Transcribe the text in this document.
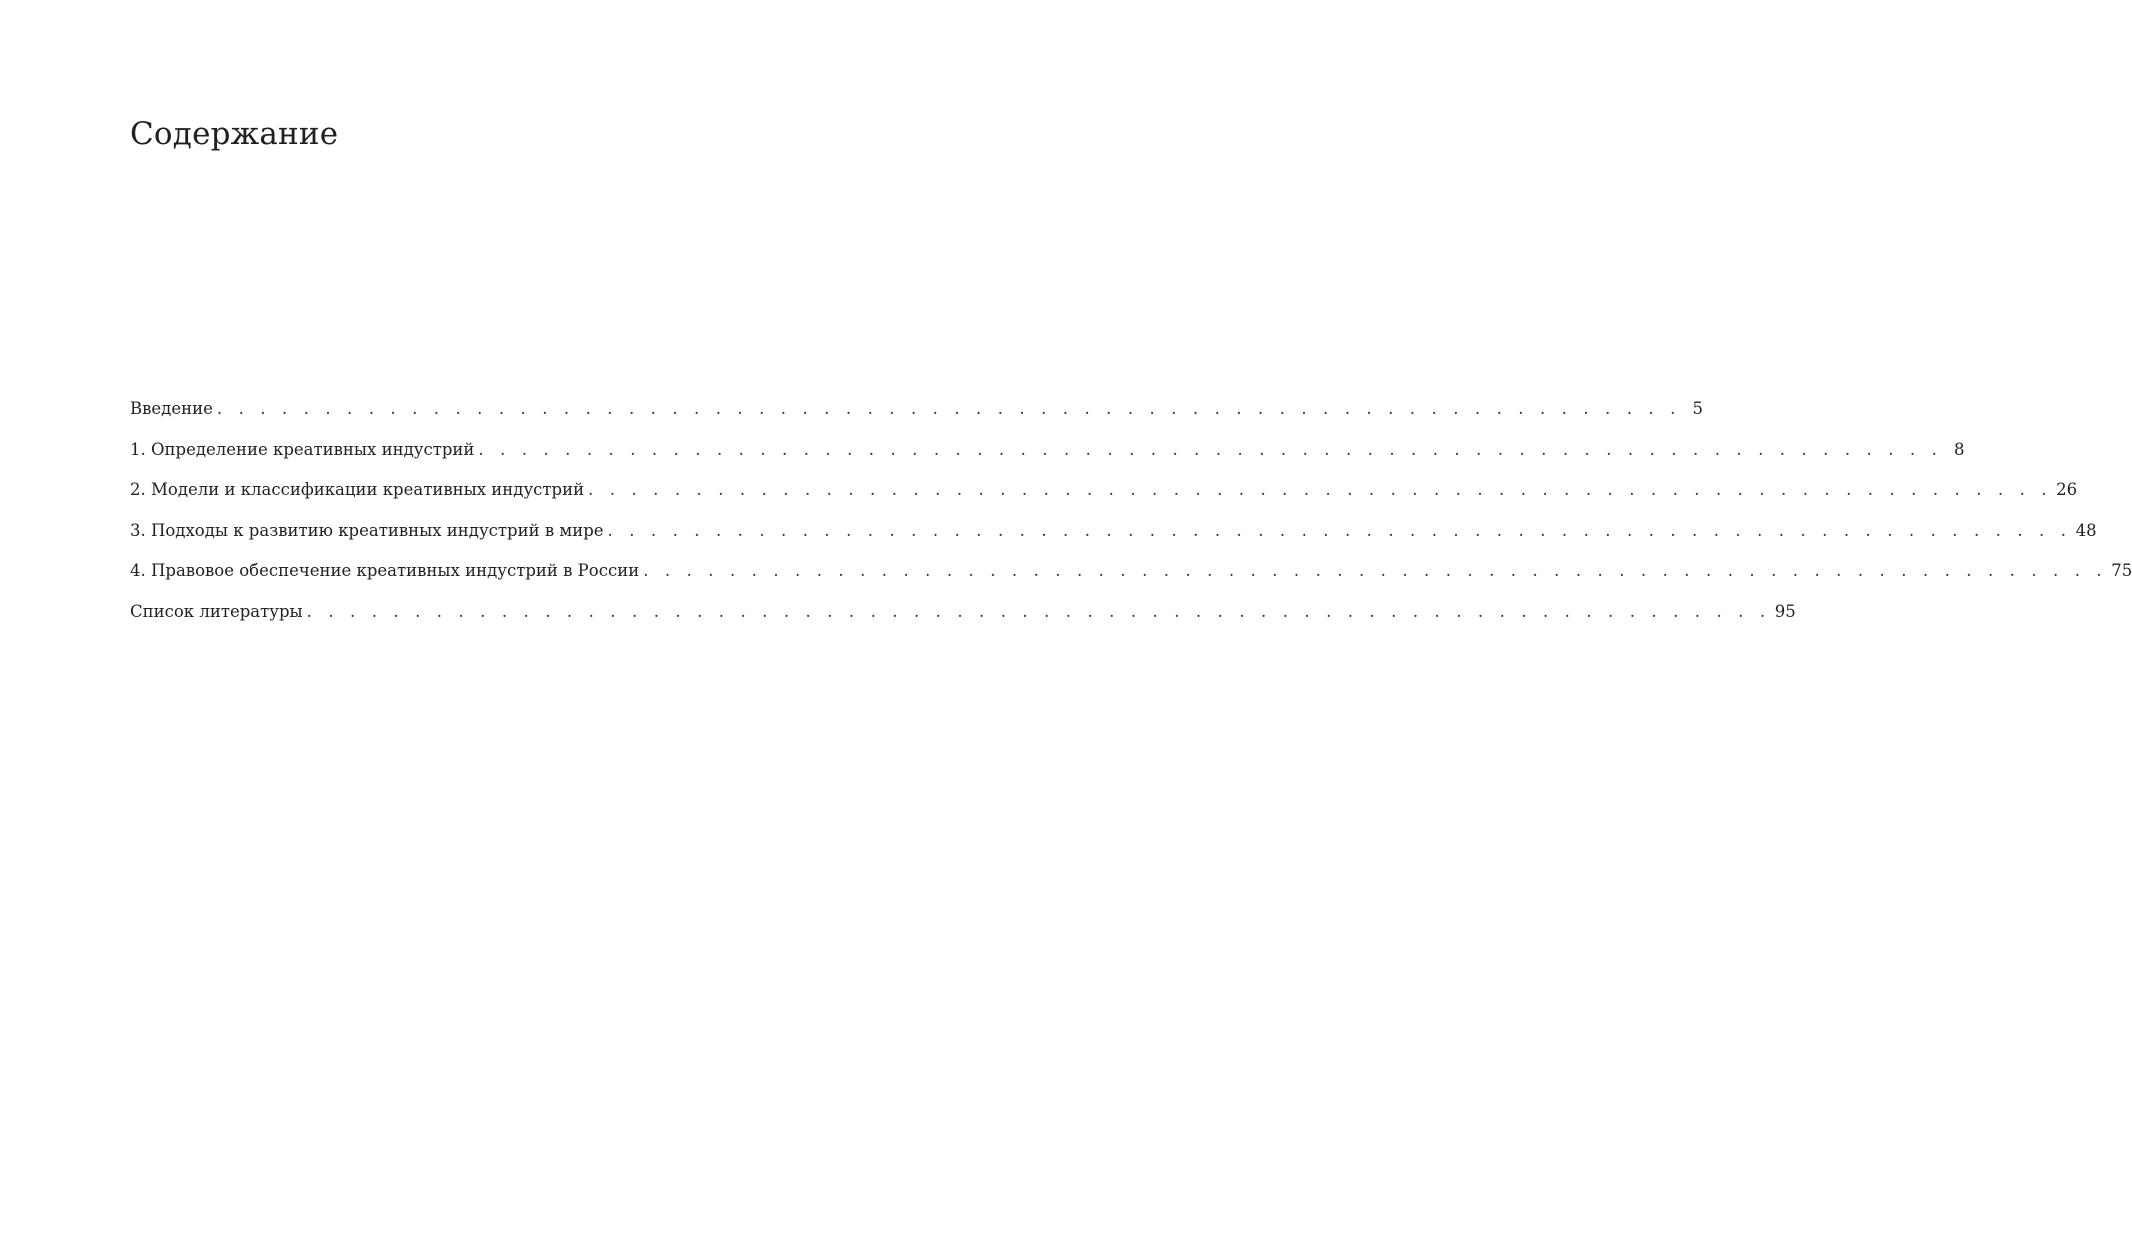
Содержание
Введение . . . . . . . . . . . . . . . . . . . . . . . . . . . . . . . . . . . . . . . . . . . . . . . . . . . . . . . . . . . . . . . . . . . . 5
1. Определение креативных индустрий . . . . . . . . . . . . . . . . . . . . . . . . . . . . . . . . . . . . . . . . . . . . . . . . . . . . . . . . . . . . . . . . . . . . 8
2. Модели и классификации креативных индустрий . . . . . . . . . . . . . . . . . . . . . . . . . . . . . . . . . . . . . . . . . . . . . . . . . . . . . . . . . . . . . . . . . . . . 26
3. Подходы к развитию креативных индустрий в мире . . . . . . . . . . . . . . . . . . . . . . . . . . . . . . . . . . . . . . . . . . . . . . . . . . . . . . . . . . . . . . . . . . . . 48
4. Правовое обеспечение креативных индустрий в России . . . . . . . . . . . . . . . . . . . . . . . . . . . . . . . . . . . . . . . . . . . . . . . . . . . . . . . . . . . . . . . . . . . . 75
Список литературы . . . . . . . . . . . . . . . . . . . . . . . . . . . . . . . . . . . . . . . . . . . . . . . . . . . . . . . . . . . . . . . . . . . . 95
